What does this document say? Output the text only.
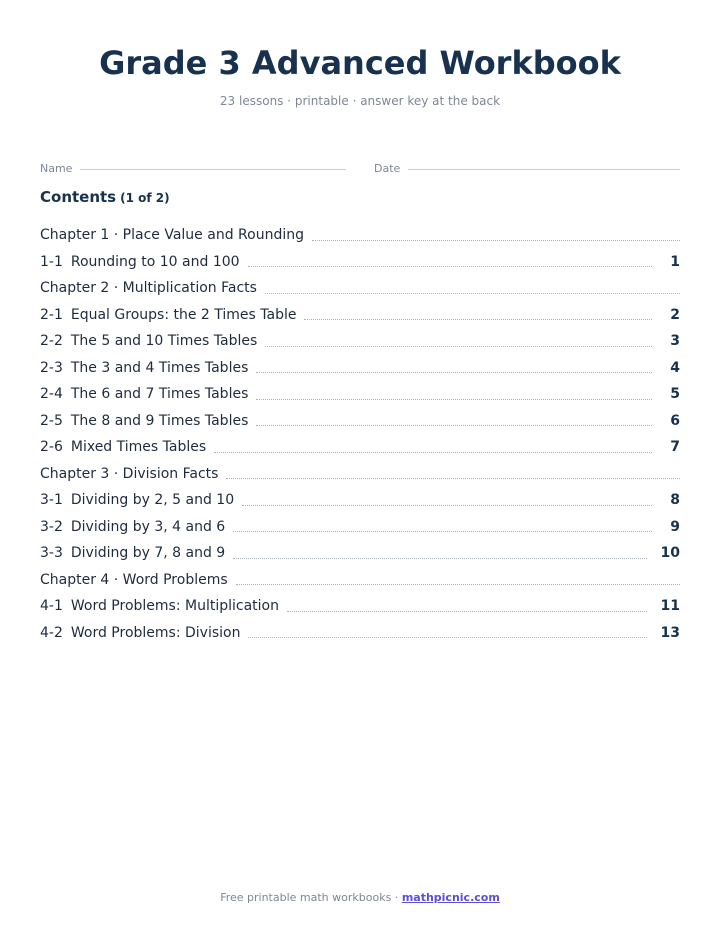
Grade 3 Advanced Workbook
23 lessons · printable · answer key at the back
Name	Date
Contents (1 of 2)
Chapter 1 · Place Value and Rounding
1-1 Rounding to 10 and 100	1
Chapter 2 · Multiplication Facts
2-1 Equal Groups: the 2 Times Table	2
2-2 The 5 and 10 Times Tables	3
2-3 The 3 and 4 Times Tables	4
2-4 The 6 and 7 Times Tables	5
2-5 The 8 and 9 Times Tables	6
2-6 Mixed Times Tables	7
Chapter 3 · Division Facts
3-1 Dividing by 2, 5 and 10	8
3-2 Dividing by 3, 4 and 6	9
3-3 Dividing by 7, 8 and 9	10
Chapter 4 · Word Problems
4-1 Word Problems: Multiplication	11
4-2 Word Problems: Division	13
Free printable math workbooks · mathpicnic.com
